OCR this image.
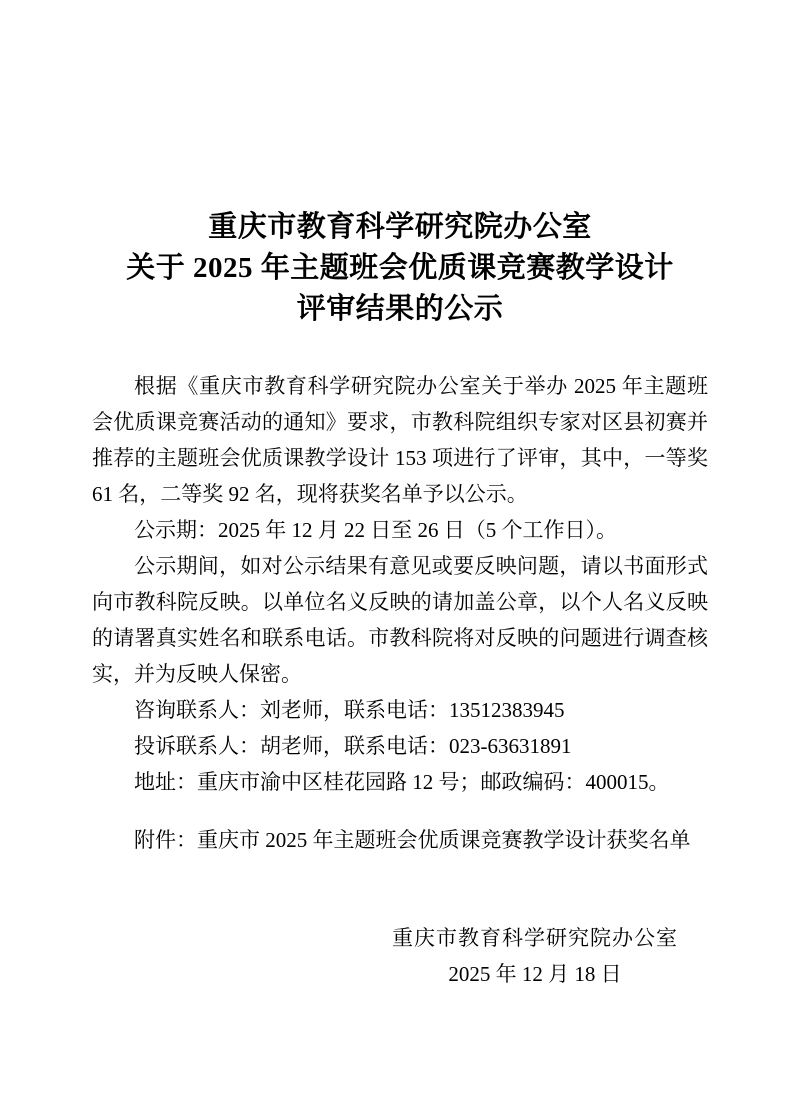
重庆市教育科学研究院办公室
关于 2025 年主题班会优质课竞赛教学设计
评审结果的公示

根据《重庆市教育科学研究院办公室关于举办 2025 年主题班会优质课竞赛活动的通知》要求，市教科院组织专家对区县初赛并推荐的主题班会优质课教学设计 153 项进行了评审，其中，一等奖 61 名，二等奖 92 名，现将获奖名单予以公示。

公示期：2025 年 12 月 22 日至 26 日（5 个工作日）。

公示期间，如对公示结果有意见或要反映问题，请以书面形式向市教科院反映。以单位名义反映的请加盖公章，以个人名义反映的请署真实姓名和联系电话。市教科院将对反映的问题进行调查核实，并为反映人保密。

咨询联系人：刘老师，联系电话：13512383945

投诉联系人：胡老师，联系电话：023-63631891

地址：重庆市渝中区桂花园路 12 号；邮政编码：400015。

附件：重庆市 2025 年主题班会优质课竞赛教学设计获奖名单

重庆市教育科学研究院办公室

2025 年 12 月 18 日
